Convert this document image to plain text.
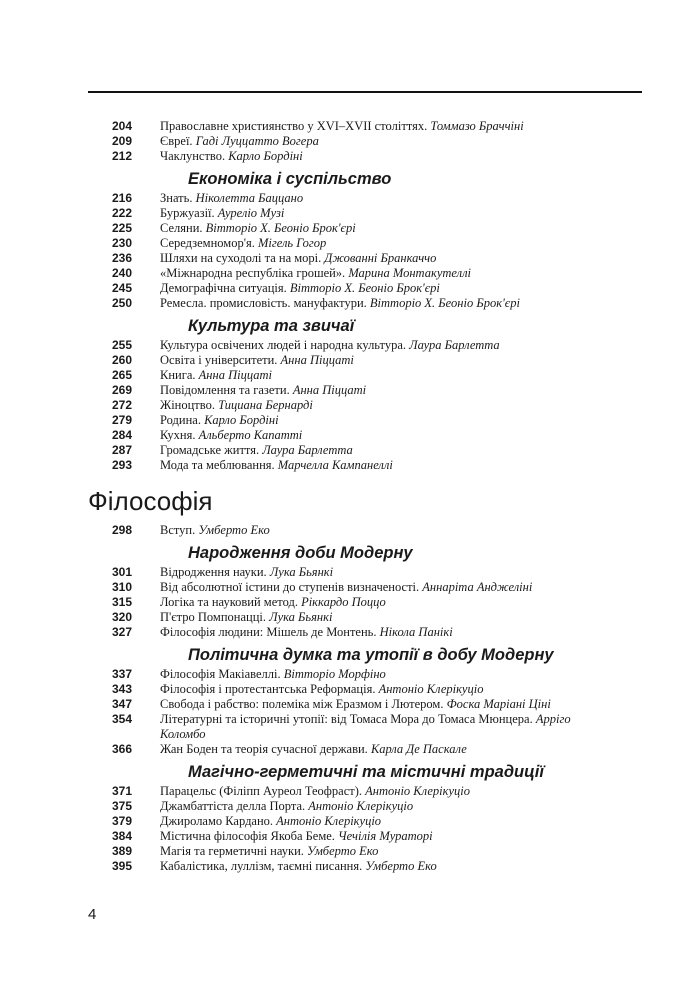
204	Православне християнство у XVI–XVII століттях. Томмазо Браччіні
209	Євреї. Гаді Луццатто Вогера
212	Чаклунство. Карло Бордіні
Економіка і суспільство
216	Знать. Ніколетта Баццано
222	Буржуазії. Ауреліо Музі
225	Селяни. Вітторіо Х. Беоніо Брок'єрі
230	Середземномор'я. Мігель Гогор
236	Шляхи на суходолі та на морі. Джованні Бранкаччо
240	«Міжнародна республіка грошей». Марина Монтакутеллі
245	Демографічна ситуація. Вітторіо Х. Беоніо Брок'єрі
250	Ремесла. промисловість. мануфактури. Вітторіо Х. Беоніо Брок'єрі
Культура та звичаї
255	Культура освічених людей і народна культура. Лаура Барлетта
260	Освіта і університети. Анна Піццаті
265	Книга. Анна Піццаті
269	Повідомлення та газети. Анна Піццаті
272	Жіноцтво. Тициана Бернарді
279	Родина. Карло Бордіні
284	Кухня. Альберто Капатті
287	Громадське життя. Лаура Барлетта
293	Мода та меблювання. Марчелла Кампанеллі
Філософія
298	Вступ. Умберто Еко
Народження доби Модерну
301	Відродження науки. Лука Бьянкі
310	Від абсолютної істини до ступенів визначеності. Аннаріта Анджеліні
315	Логіка та науковий метод. Ріккардо Поццо
320	П'єтро Помпонацці. Лука Бьянкі
327	Філософія людини: Мішель де Монтень. Нікола Панікі
Політична думка та утопії в добу Модерну
337	Філософія Макіавеллі. Вітторіо Морфіно
343	Філософія і протестантська Реформація. Антоніо Клерікуціо
347	Свобода і рабство: полеміка між Еразмом і Лютером. Фоска Маріані Ціні
354	Літературні та історичні утопії: від Томаса Мора до Томаса Мюнцера. Арріго Коломбо
366	Жан Боден та теорія сучасної держави. Карла Де Паскале
Магічно-герметичні та містичні традиції
371	Парацельс (Філіпп Ауреол Теофраст). Антоніо Клерікуціо
375	Джамбаттіста делла Порта. Антоніо Клерікуціо
379	Джироламо Кардано. Антоніо Клерікуціо
384	Містична філософія Якоба Беме. Чечілія Мураторі
389	Магія та герметичні науки. Умберто Еко
395	Кабалістика, луллізм, таємні писання. Умберто Еко
4
